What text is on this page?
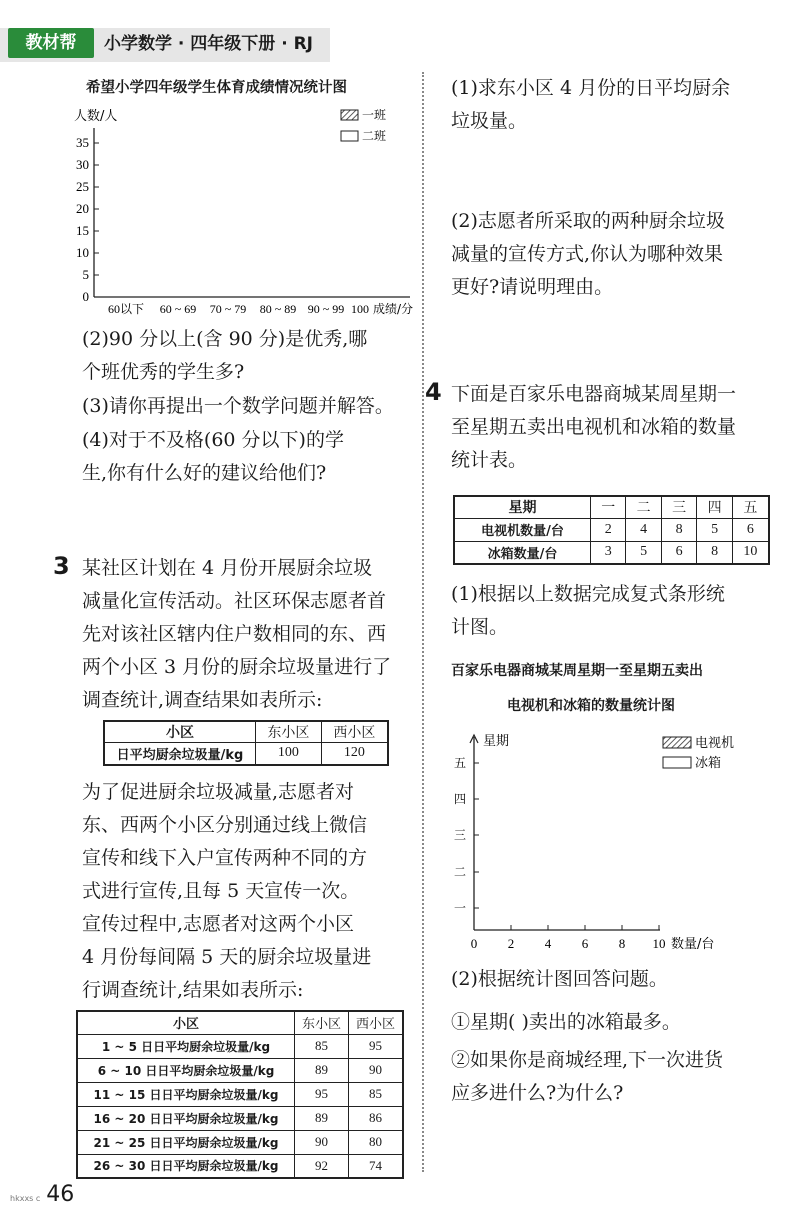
教材帮	小学数学 · 四年级下册 · RJ
希望小学四年级学生体育成绩情况统计图
人数/人
0
5
10
15
20
25
30
35
60以下 60 ~ 69 70 ~ 79 80 ~ 89 90 ~ 99 100 成绩/分
一班
二班
(2)90 分以上(含 90 分)是优秀,哪
个班优秀的学生多?
(3)请你再提出一个数学问题并解答。
(4)对于不及格(60 分以下)的学
生,你有什么好的建议给他们?
3 某社区计划在 4 月份开展厨余垃圾
减量化宣传活动。社区环保志愿者首
先对该社区辖内住户数相同的东、西
两个小区 3 月份的厨余垃圾量进行了
调查统计,调查结果如表所示:
小区	东小区	西小区
日平均厨余垃圾量/kg	100	120
为了促进厨余垃圾减量,志愿者对
东、西两个小区分别通过线上微信
宣传和线下入户宣传两种不同的方
式进行宣传,且每 5 天宣传一次。
宣传过程中,志愿者对这两个小区
4 月份每间隔 5 天的厨余垃圾量进
行调查统计,结果如表所示:
小区	东小区	西小区
1 ~ 5 日日平均厨余垃圾量/kg	85	95
6 ~ 10 日日平均厨余垃圾量/kg	89	90
11 ~ 15 日日平均厨余垃圾量/kg	95	85
16 ~ 20 日日平均厨余垃圾量/kg	89	86
21 ~ 25 日日平均厨余垃圾量/kg	90	80
26 ~ 30 日日平均厨余垃圾量/kg	92	74
hkxxs c 46
(1)求东小区 4 月份的日平均厨余
垃圾量。
(2)志愿者所采取的两种厨余垃圾
减量的宣传方式,你认为哪种效果
更好?请说明理由。
4 下面是百家乐电器商城某周星期一
至星期五卖出电视机和冰箱的数量
统计表。
星期	一	二	三	四	五
电视机数量/台	2	4	8	5	6
冰箱数量/台	3	5	6	8	10
(1)根据以上数据完成复式条形统
计图。
百家乐电器商城某周星期一至星期五卖出
电视机和冰箱的数量统计图
星期
一
二
三
四
五
0 2 4 6 8 10 数量/台
电视机
冰箱
(2)根据统计图回答问题。
①星期( )卖出的冰箱最多。
②如果你是商城经理,下一次进货
应多进什么?为什么?
